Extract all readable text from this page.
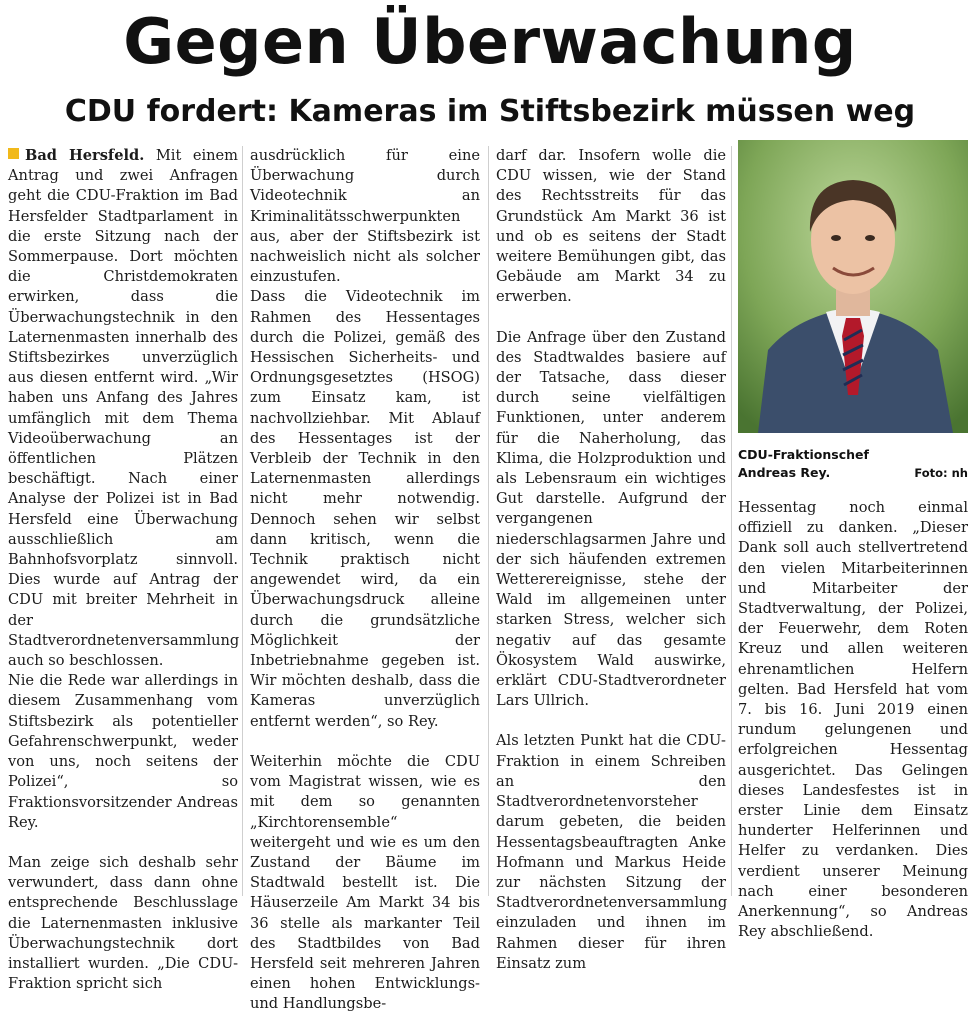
Gegen Überwachung
CDU fordert: Kameras im Stiftsbezirk müssen weg

Bad Hersfeld. Mit einem Antrag und zwei Anfragen geht die CDU-Fraktion im Bad Hersfelder Stadtparlament in die erste Sitzung nach der Sommerpause. Dort möchten die Christdemokraten erwirken, dass die Überwachungstechnik in den Laternenmasten innerhalb des Stiftsbezirkes unverzüglich aus diesen entfernt wird. „Wir haben uns Anfang des Jahres umfänglich mit dem Thema Videoüberwachung an öffentlichen Plätzen beschäftigt. Nach einer Analyse der Polizei ist in Bad Hersfeld eine Überwachung ausschließlich am Bahnhofsvorplatz sinnvoll. Dies wurde auf Antrag der CDU mit breiter Mehrheit in der Stadtverordnetenversammlung auch so beschlossen.

Nie die Rede war allerdings in diesem Zusammenhang vom Stiftsbezirk als potentieller Gefahrenschwerpunkt, weder von uns, noch seitens der Polizei“, so Fraktionsvorsitzender Andreas Rey.

Man zeige sich deshalb sehr verwundert, dass dann ohne entsprechende Beschlusslage die Laternenmasten inklusive Überwachungstechnik dort installiert wurden. „Die CDU-Fraktion spricht sich

ausdrücklich für eine Überwachung durch Videotechnik an Kriminalitätsschwerpunkten aus, aber der Stiftsbezirk ist nachweislich nicht als solcher einzustufen.

Dass die Videotechnik im Rahmen des Hessentages durch die Polizei, gemäß des Hessischen Sicherheits- und Ordnungsgesetztes (HSOG) zum Einsatz kam, ist nachvollziehbar. Mit Ablauf des Hessentages ist der Verbleib der Technik in den Laternenmasten allerdings nicht mehr notwendig. Dennoch sehen wir selbst dann kritisch, wenn die Technik praktisch nicht angewendet wird, da ein Überwachungsdruck alleine durch die grundsätzliche Möglichkeit der Inbetriebnahme gegeben ist. Wir möchten deshalb, dass die Kameras unverzüglich entfernt werden“, so Rey.

Weiterhin möchte die CDU vom Magistrat wissen, wie es mit dem so genannten „Kirchtorensemble“ weitergeht und wie es um den Zustand der Bäume im Stadtwald bestellt ist. Die Häuserzeile Am Markt 34 bis 36 stelle als markanter Teil des Stadtbildes von Bad Hersfeld seit mehreren Jahren einen hohen Entwicklungs- und Handlungsbe-

darf dar. Insofern wolle die CDU wissen, wie der Stand des Rechtsstreits für das Grundstück Am Markt 36 ist und ob es seitens der Stadt weitere Bemühungen gibt, das Gebäude am Markt 34 zu erwerben.

Die Anfrage über den Zustand des Stadtwaldes basiere auf der Tatsache, dass dieser durch seine vielfältigen Funktionen, unter anderem für die Naherholung, das Klima, die Holzproduktion und als Lebensraum ein wichtiges Gut darstelle. Aufgrund der vergangenen niederschlagsarmen Jahre und der sich häufenden extremen Wetterereignisse, stehe der Wald im allgemeinen unter starken Stress, welcher sich negativ auf das gesamte Ökosystem Wald auswirke, erklärt CDU-Stadtverordneter Lars Ullrich.

Als letzten Punkt hat die CDU-Fraktion in einem Schreiben an den Stadtverordnetenvorsteher darum gebeten, die beiden Hessentagsbeauftragten Anke Hofmann und Markus Heide zur nächsten Sitzung der Stadtverordnetenversammlung einzuladen und ihnen im Rahmen dieser für ihren Einsatz zum

CDU-Fraktionschef Andreas Rey.	Foto: nh

Hessentag noch einmal offiziell zu danken. „Dieser Dank soll auch stellvertretend den vielen Mitarbeiterinnen und Mitarbeiter der Stadtverwaltung, der Polizei, der Feuerwehr, dem Roten Kreuz und allen weiteren ehrenamtlichen Helfern gelten. Bad Hersfeld hat vom 7. bis 16. Juni 2019 einen rundum gelungenen und erfolgreichen Hessentag ausgerichtet. Das Gelingen dieses Landesfestes ist in erster Linie dem Einsatz hunderter Helferinnen und Helfer zu verdanken. Dies verdient unserer Meinung nach einer besonderen Anerkennung“, so Andreas Rey abschließend.
